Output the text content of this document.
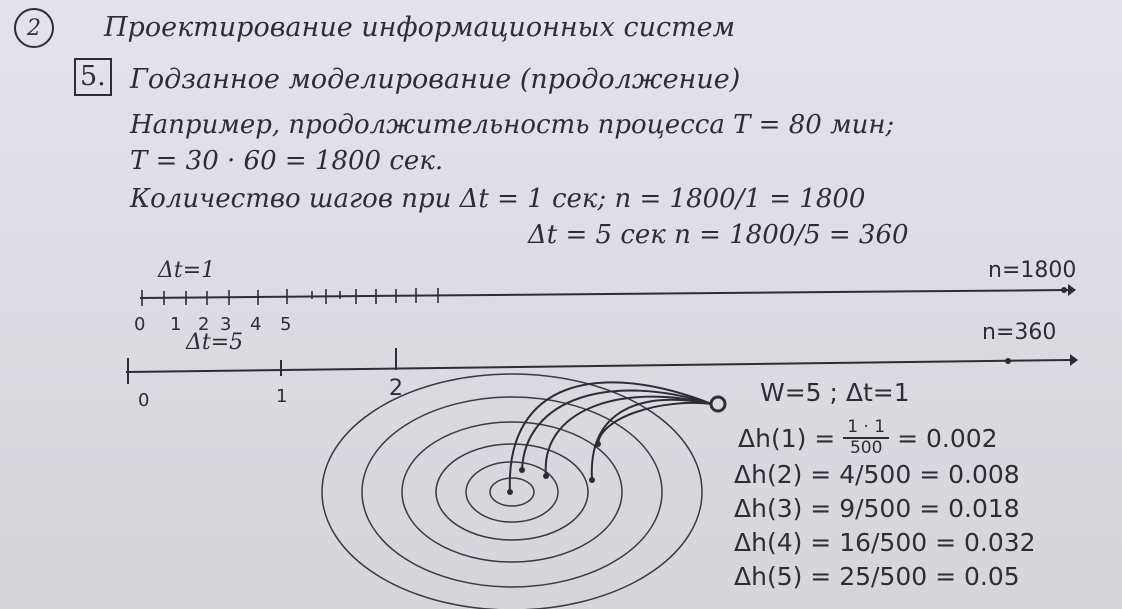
2 Проектирование информационных систем
5. Годзанное моделирование (продолжение)
Например, продолжительность процесса T = 80 мин;
T = 30 · 60 = 1800 сек.
Количество шагов при Δt = 1 сек; n = 1800/1 = 1800
Δt = 5 сек n = 1800/5 = 360
Δt=1
0 1 2 3 4 5
n=1800
Δt=5
0	1	2
n=360
W=5 ; Δt=1
$\Delta h(1) = \frac{1 \cdot 1}{500} = 0.002$
Δh(2) = 4/500 = 0.008
Δh(3) = 9/500 = 0.018
Δh(4) = 16/500 = 0.032
Δh(5) = 25/500 = 0.05
